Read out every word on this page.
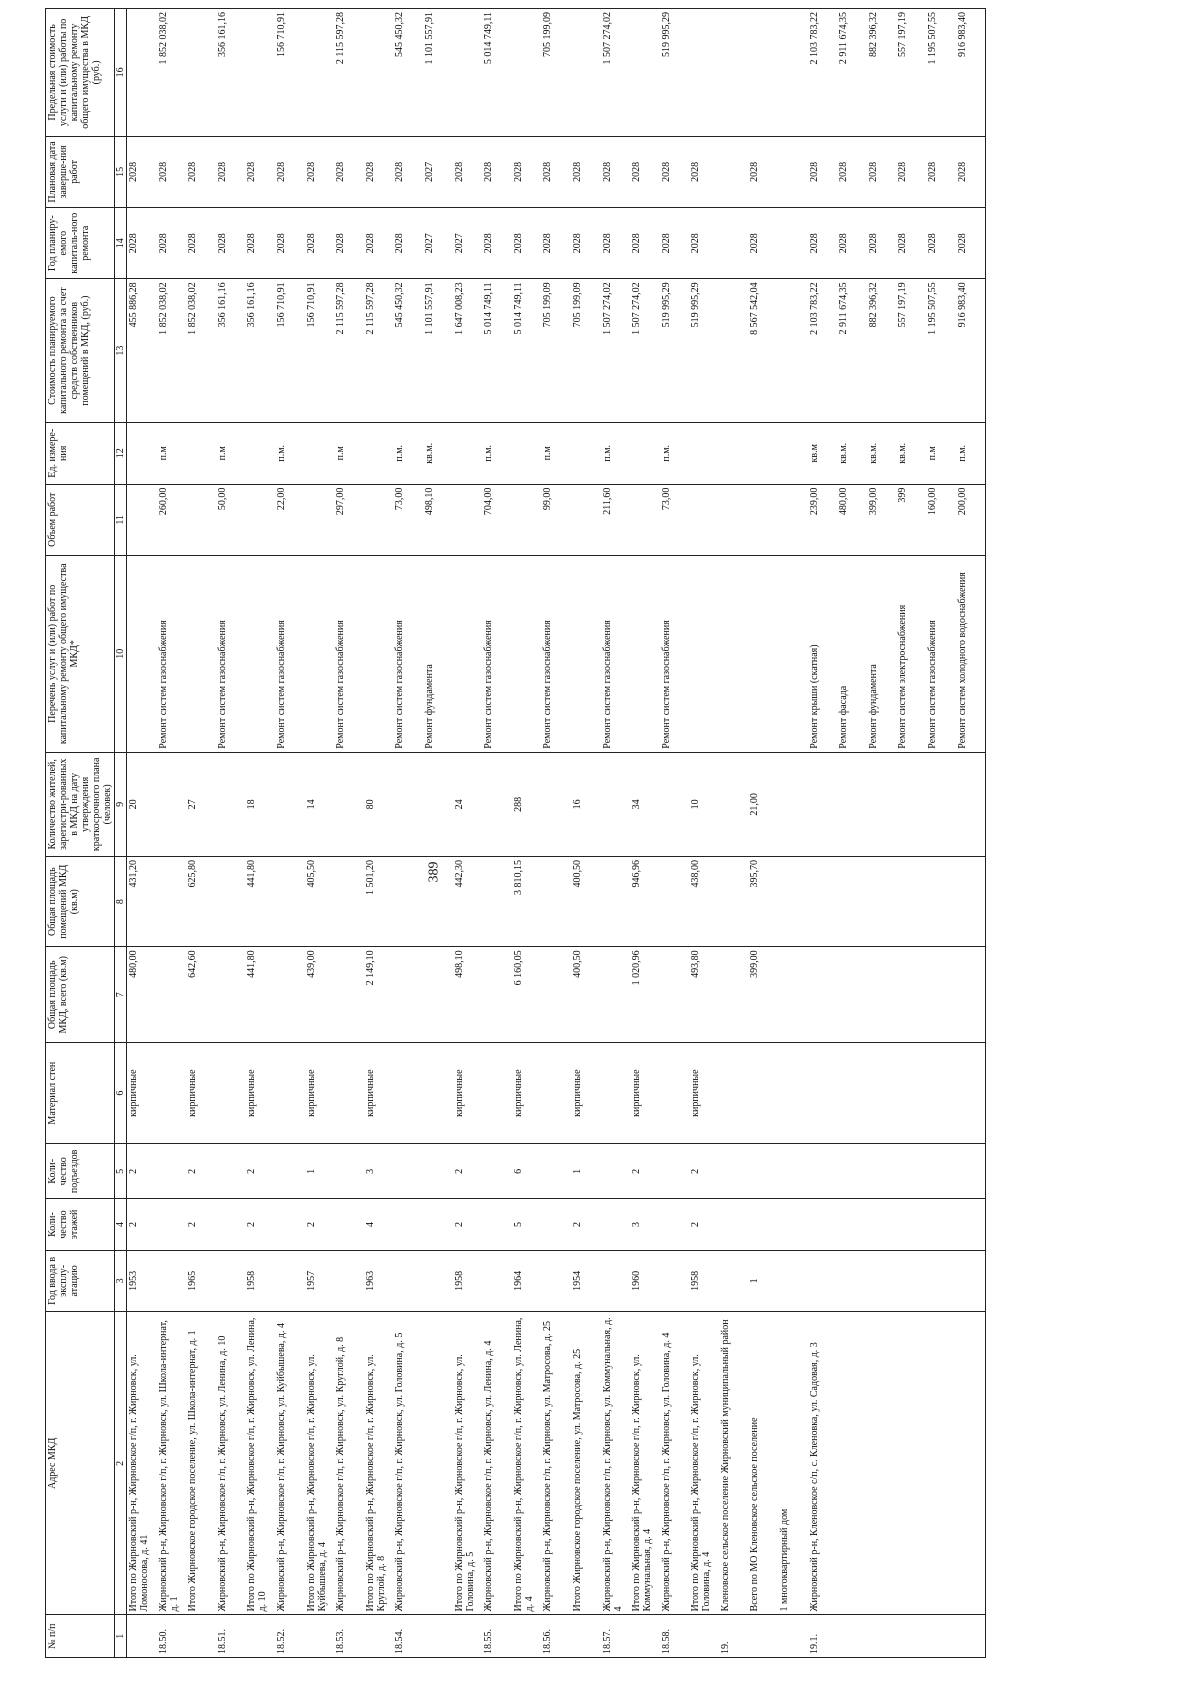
389
№ п/п	Адрес МКД	Год ввода в эксплу-атацию	Коли-чество этажей	Коли-чество подъездов	Материал стен	Общая площадь МКД, всего (кв.м)	Общая площадь помещений МКД (кв.м)	Количество жителей, зарегистри-рованных в МКД на дату утверждения краткосрочного плана (человек)	Перечень услуг и (или) работ по капитальному ремонту общего имущества МКД*	Объем работ	Ед. измере-ния	Стоимость планируемого капитального ремонта за счет средств собственников помещений в МКД, (руб.)	Год планиру-емого капиталь-ного ремонта	Плановая дата заверше-ния работ	Предельная стоимость услуги и (или) работы по капитальному ремонту общего имущества в МКД (руб.)
1	2	3	4	5	6	7	8	9	10	11	12	13	14	15	16
	Итого по Жирновский р-н, Жирновское г/п, г. Жирновск, ул. Ломоносова, д. 41	1953	2	2	кирпичные	480,00	431,20	20				455 886,28	2028	2028	
18.50.	Жирновский р-н, Жирновское г/п, г. Жирновск, ул. Школа-интернат, д. 1								Ремонт систем газоснабжения	260,00	п.м	1 852 038,02	2028	2028	1 852 038,02
	Итого Жирновское городское поселение, ул. Школа-интернат, д. 1	1965	2	2	кирпичные	642,60	625,80	27				1 852 038,02	2028	2028	
18.51.	Жирновский р-н, Жирновское г/п, г. Жирновск, ул. Ленина, д. 10								Ремонт систем газоснабжения	50,00	п.м	356 161,16	2028	2028	356 161,16
	Итого по Жирновский р-н, Жирновское г/п, г. Жирновск, ул. Ленина, д. 10	1958	2	2	кирпичные	441,80	441,80	18				356 161,16	2028	2028	
18.52.	Жирновский р-н, Жирновское г/п, г. Жирновск, ул. Куйбышева, д. 4								Ремонт систем газоснабжения	22,00	п.м.	156 710,91	2028	2028	156 710,91
	Итого по Жирновский р-н, Жирновское г/п, г. Жирновск, ул. Куйбышева, д. 4	1957	2	1	кирпичные	439,00	405,50	14				156 710,91	2028	2028	
18.53.	Жирновский р-н, Жирновское г/п, г. Жирновск, ул. Круглой, д. 8								Ремонт систем газоснабжения	297,00	п.м	2 115 597,28	2028	2028	2 115 597,28
	Итого по Жирновский р-н, Жирновское г/п, г. Жирновск, ул. Круглой, д. 8	1963	4	3	кирпичные	2 149,10	1 501,20	80				2 115 597,28	2028	2028	
18.54.	Жирновский р-н, Жирновское г/п, г. Жирновск, ул. Головина, д. 5								Ремонт систем газоснабжения	73,00	п.м.	545 450,32	2028	2028	545 450,32
									Ремонт фундамента	498,10	кв.м.	1 101 557,91	2027	2027	1 101 557,91
	Итого по Жирновский р-н, Жирновское г/п, г. Жирновск, ул. Головина, д. 5	1958	2	2	кирпичные	498,10	442,30	24				1 647 008,23	2027	2028	
18.55.	Жирновский р-н, Жирновское г/п, г. Жирновск, ул. Ленина, д. 4								Ремонт систем газоснабжения	704,00	п.м.	5 014 749,11	2028	2028	5 014 749,11
	Итого по Жирновский р-н, Жирновское г/п, г. Жирновск, ул. Ленина, д. 4	1964	5	6	кирпичные	6 160,05	3 810,15	288				5 014 749,11	2028	2028	
18.56.	Жирновский р-н, Жирновское г/п, г. Жирновск, ул. Матросова, д. 25								Ремонт систем газоснабжения	99,00	п.м	705 199,09	2028	2028	705 199,09
	Итого Жирновское городское поселение, ул. Матросова, д. 25	1954	2	1	кирпичные	400,50	400,50	16				705 199,09	2028	2028	
18.57.	Жирновский р-н, Жирновское г/п, г. Жирновск, ул. Коммунальная, д. 4								Ремонт систем газоснабжения	211,60	п.м.	1 507 274,02	2028	2028	1 507 274,02
	Итого по Жирновский р-н, Жирновское г/п, г. Жирновск, ул. Коммунальная, д. 4	1960	3	2	кирпичные	1 020,96	946,96	34				1 507 274,02	2028	2028	
18.58.	Жирновский р-н, Жирновское г/п, г. Жирновск, ул. Головина, д. 4								Ремонт систем газоснабжения	73,00	п.м.	519 995,29	2028	2028	519 995,29
	Итого по Жирновский р-н, Жирновское г/п, г. Жирновск, ул. Головина, д. 4	1958	2	2	кирпичные	493,80	438,00	10				519 995,29	2028	2028	
19.	Кленовское сельское поселение Жирновский муниципальный район														
	Всего по МО Кленовское сельское поселение	1				399,00	395,70	21,00				8 567 542,04	2028	2028	
	1 многоквартирный дом														
19.1.	Жирновский р-н, Кленовское с/п, с. Кленовка, ул. Садовая, д. 3								Ремонт крыши (скатная)	239,00	кв.м	2 103 783,22	2028	2028	2 103 783,22
									Ремонт фасада	480,00	кв.м.	2 911 674,35	2028	2028	2 911 674,35
									Ремонт фундамента	399,00	кв.м.	882 396,32	2028	2028	882 396,32
									Ремонт систем электроснабжения	399	кв.м.	557 197,19	2028	2028	557 197,19
									Ремонт систем газоснабжения	160,00	п.м	1 195 507,55	2028	2028	1 195 507,55
									Ремонт систем холодного водоснабжения	200,00	п.м.	916 983,40	2028	2028	916 983,40
